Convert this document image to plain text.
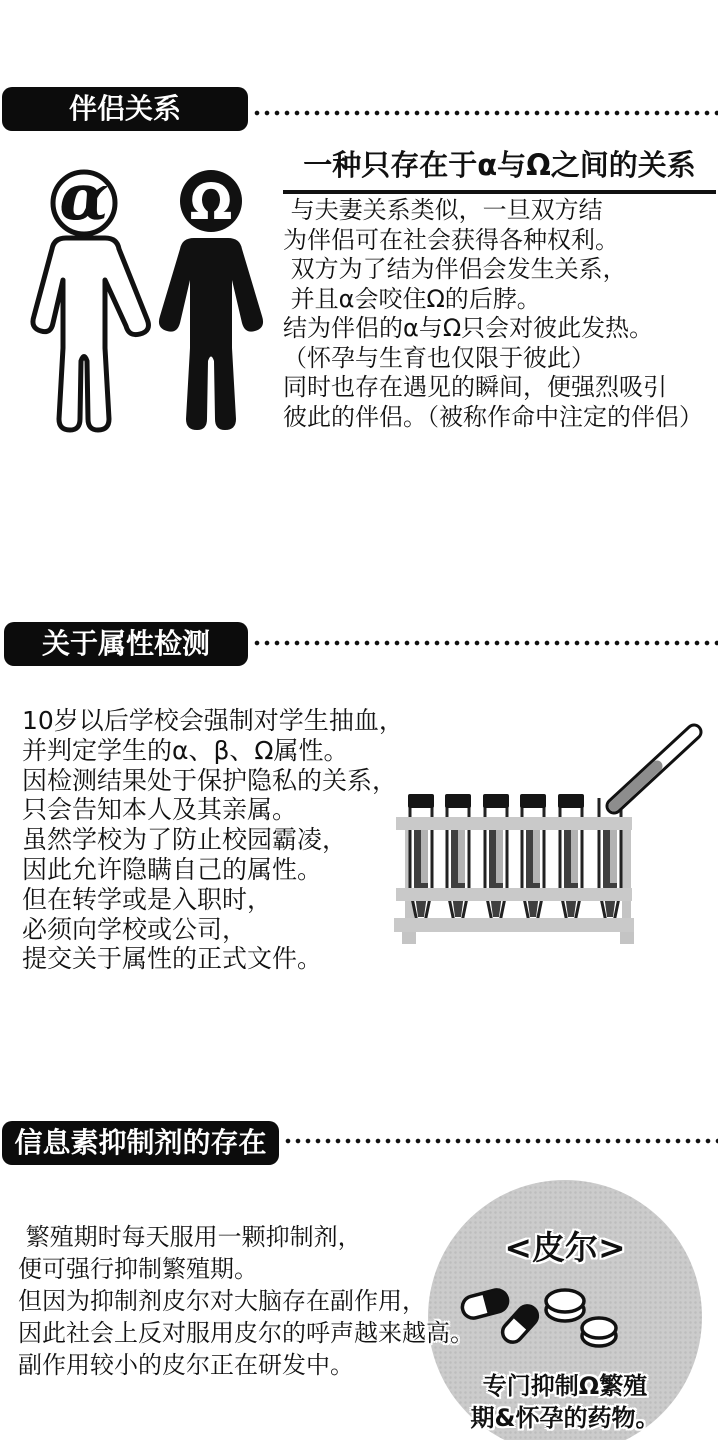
伴侣关系
Ω
α	一种只存在于α与Ω之间的关系
与夫妻关系类似，一旦双方结
为伴侣可在社会获得各种权利。
双方为了结为伴侣会发生关系，
并且α会咬住Ω的后脖。
结为伴侣的α与Ω只会对彼此发热。
（怀孕与生育也仅限于彼此）
同时也存在遇见的瞬间，便强烈吸引
彼此的伴侣。（被称作命中注定的伴侣）
关于属性检测
10岁以后学校会强制对学生抽血，
并判定学生的α、β、Ω属性。
因检测结果处于保护隐私的关系，
只会告知本人及其亲属。
虽然学校为了防止校园霸凌，
因此允许隐瞒自己的属性。
但在转学或是入职时，
必须向学校或公司，
提交关于属性的正式文件。
信息素抑制剂的存在
<皮尔>
专门抑制Ω繁殖
期&怀孕的药物。
繁殖期时每天服用一颗抑制剂，
便可强行抑制繁殖期。
但因为抑制剂皮尔对大脑存在副作用，
因此社会上反对服用皮尔的呼声越来越高。
副作用较小的皮尔正在研发中。
